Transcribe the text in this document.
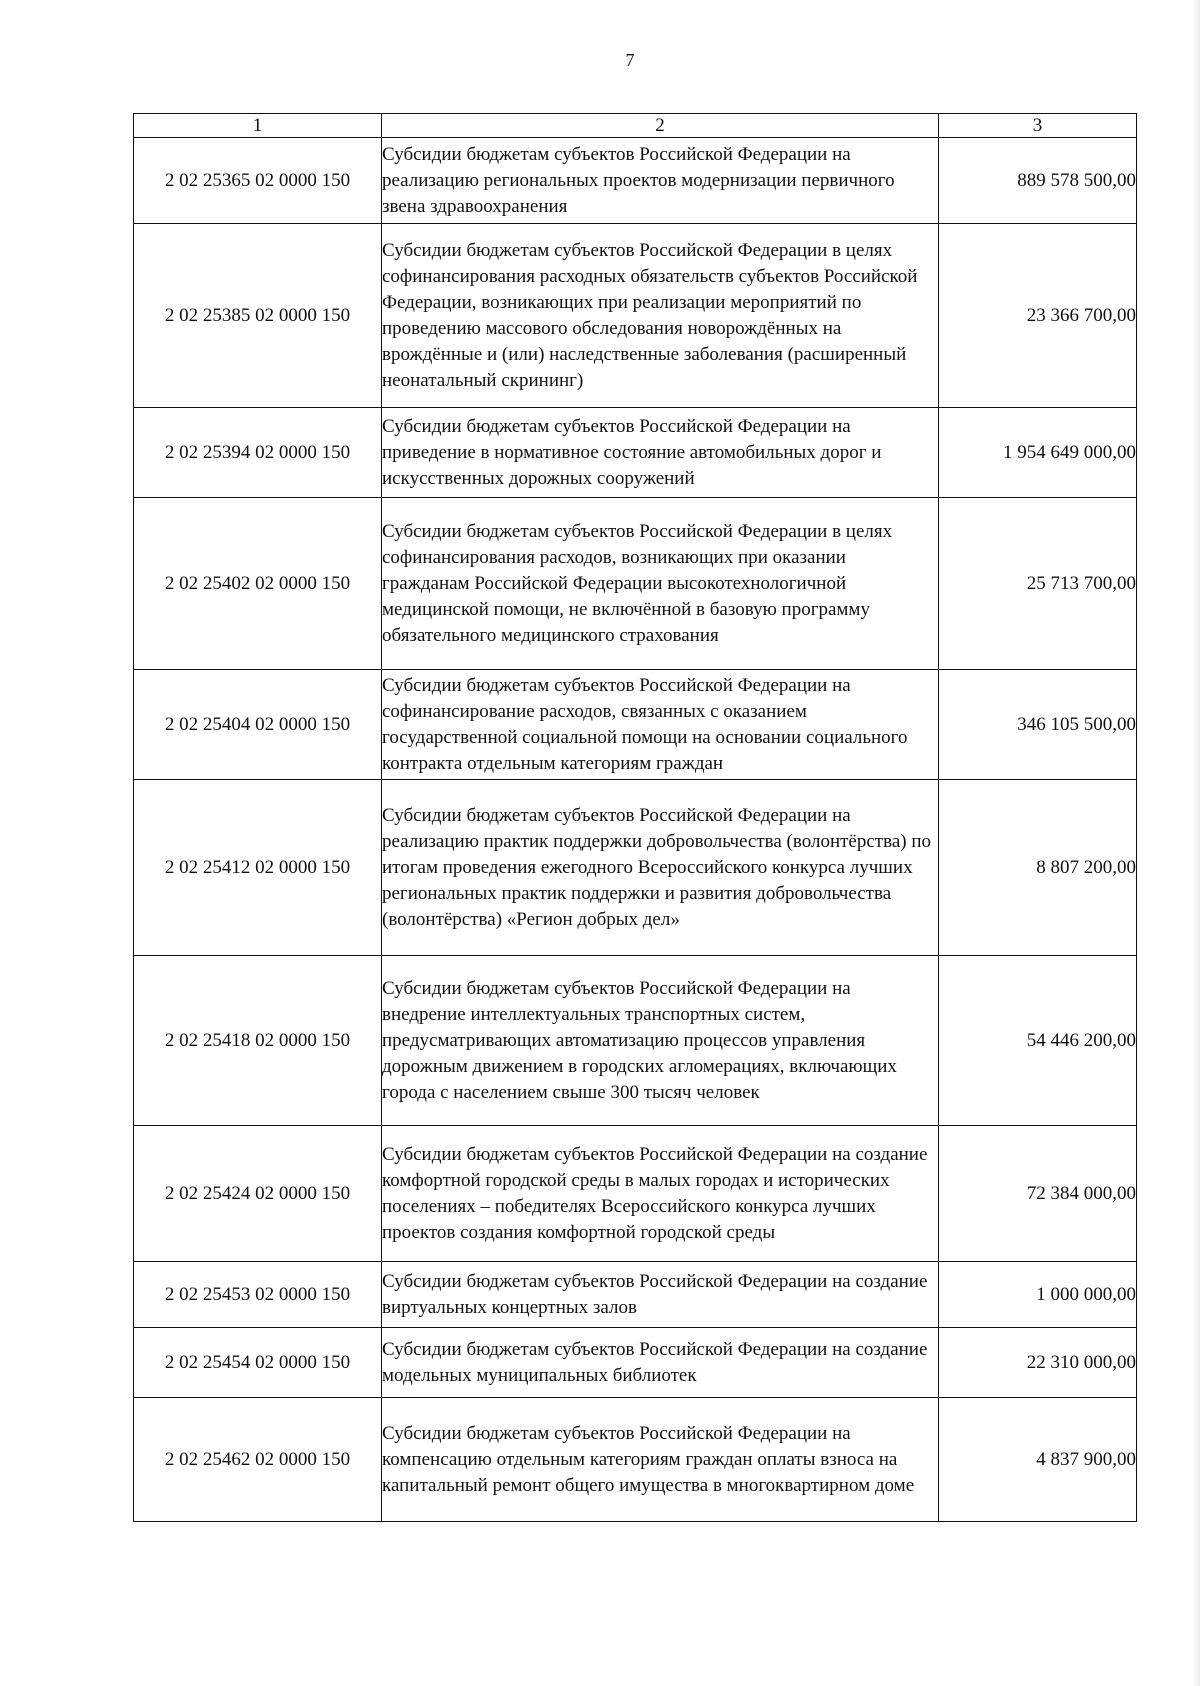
7
1	2	3
2 02 25365 02 0000 150	Субсидии бюджетам субъектов Российской Федерации на реализацию региональных проектов модернизации первичного звена здравоохранения	889 578 500,00
2 02 25385 02 0000 150	Субсидии бюджетам субъектов Российской Федерации в целях софинансирования расходных обязательств субъектов Российской Федерации, возникающих при реализации мероприятий по проведению массового обследования новорождённых на врождённые и (или) наследственные заболевания (расширенный неонатальный скрининг)	23 366 700,00
2 02 25394 02 0000 150	Субсидии бюджетам субъектов Российской Федерации на приведение в нормативное состояние автомобильных дорог и искусственных дорожных сооружений	1 954 649 000,00
2 02 25402 02 0000 150	Субсидии бюджетам субъектов Российской Федерации в целях софинансирования расходов, возникающих при оказании гражданам Российской Федерации высокотехнологичной медицинской помощи, не включённой в базовую программу обязательного медицинского страхования	25 713 700,00
2 02 25404 02 0000 150	Субсидии бюджетам субъектов Российской Федерации на софинансирование расходов, связанных с оказанием государственной социальной помощи на основании социального контракта отдельным категориям граждан	346 105 500,00
2 02 25412 02 0000 150	Субсидии бюджетам субъектов Российской Федерации на реализацию практик поддержки добровольчества (волонтёрства) по итогам проведения ежегодного Всероссийского конкурса лучших региональных практик поддержки и развития добровольчества (волонтёрства) «Регион добрых дел»	8 807 200,00
2 02 25418 02 0000 150	Субсидии бюджетам субъектов Российской Федерации на внедрение интеллектуальных транспортных систем, предусматривающих автоматизацию процессов управления дорожным движением в городских агломерациях, включающих города с населением свыше 300 тысяч человек	54 446 200,00
2 02 25424 02 0000 150	Субсидии бюджетам субъектов Российской Федерации на создание комфортной городской среды в малых городах и исторических поселениях – победителях Всероссийского конкурса лучших проектов создания комфортной городской среды	72 384 000,00
2 02 25453 02 0000 150	Субсидии бюджетам субъектов Российской Федерации на создание виртуальных концертных залов	1 000 000,00
2 02 25454 02 0000 150	Субсидии бюджетам субъектов Российской Федерации на создание модельных муниципальных библиотек	22 310 000,00
2 02 25462 02 0000 150	Субсидии бюджетам субъектов Российской Федерации на компенсацию отдельным категориям граждан оплаты взноса на капитальный ремонт общего имущества в многоквартирном доме	4 837 900,00
